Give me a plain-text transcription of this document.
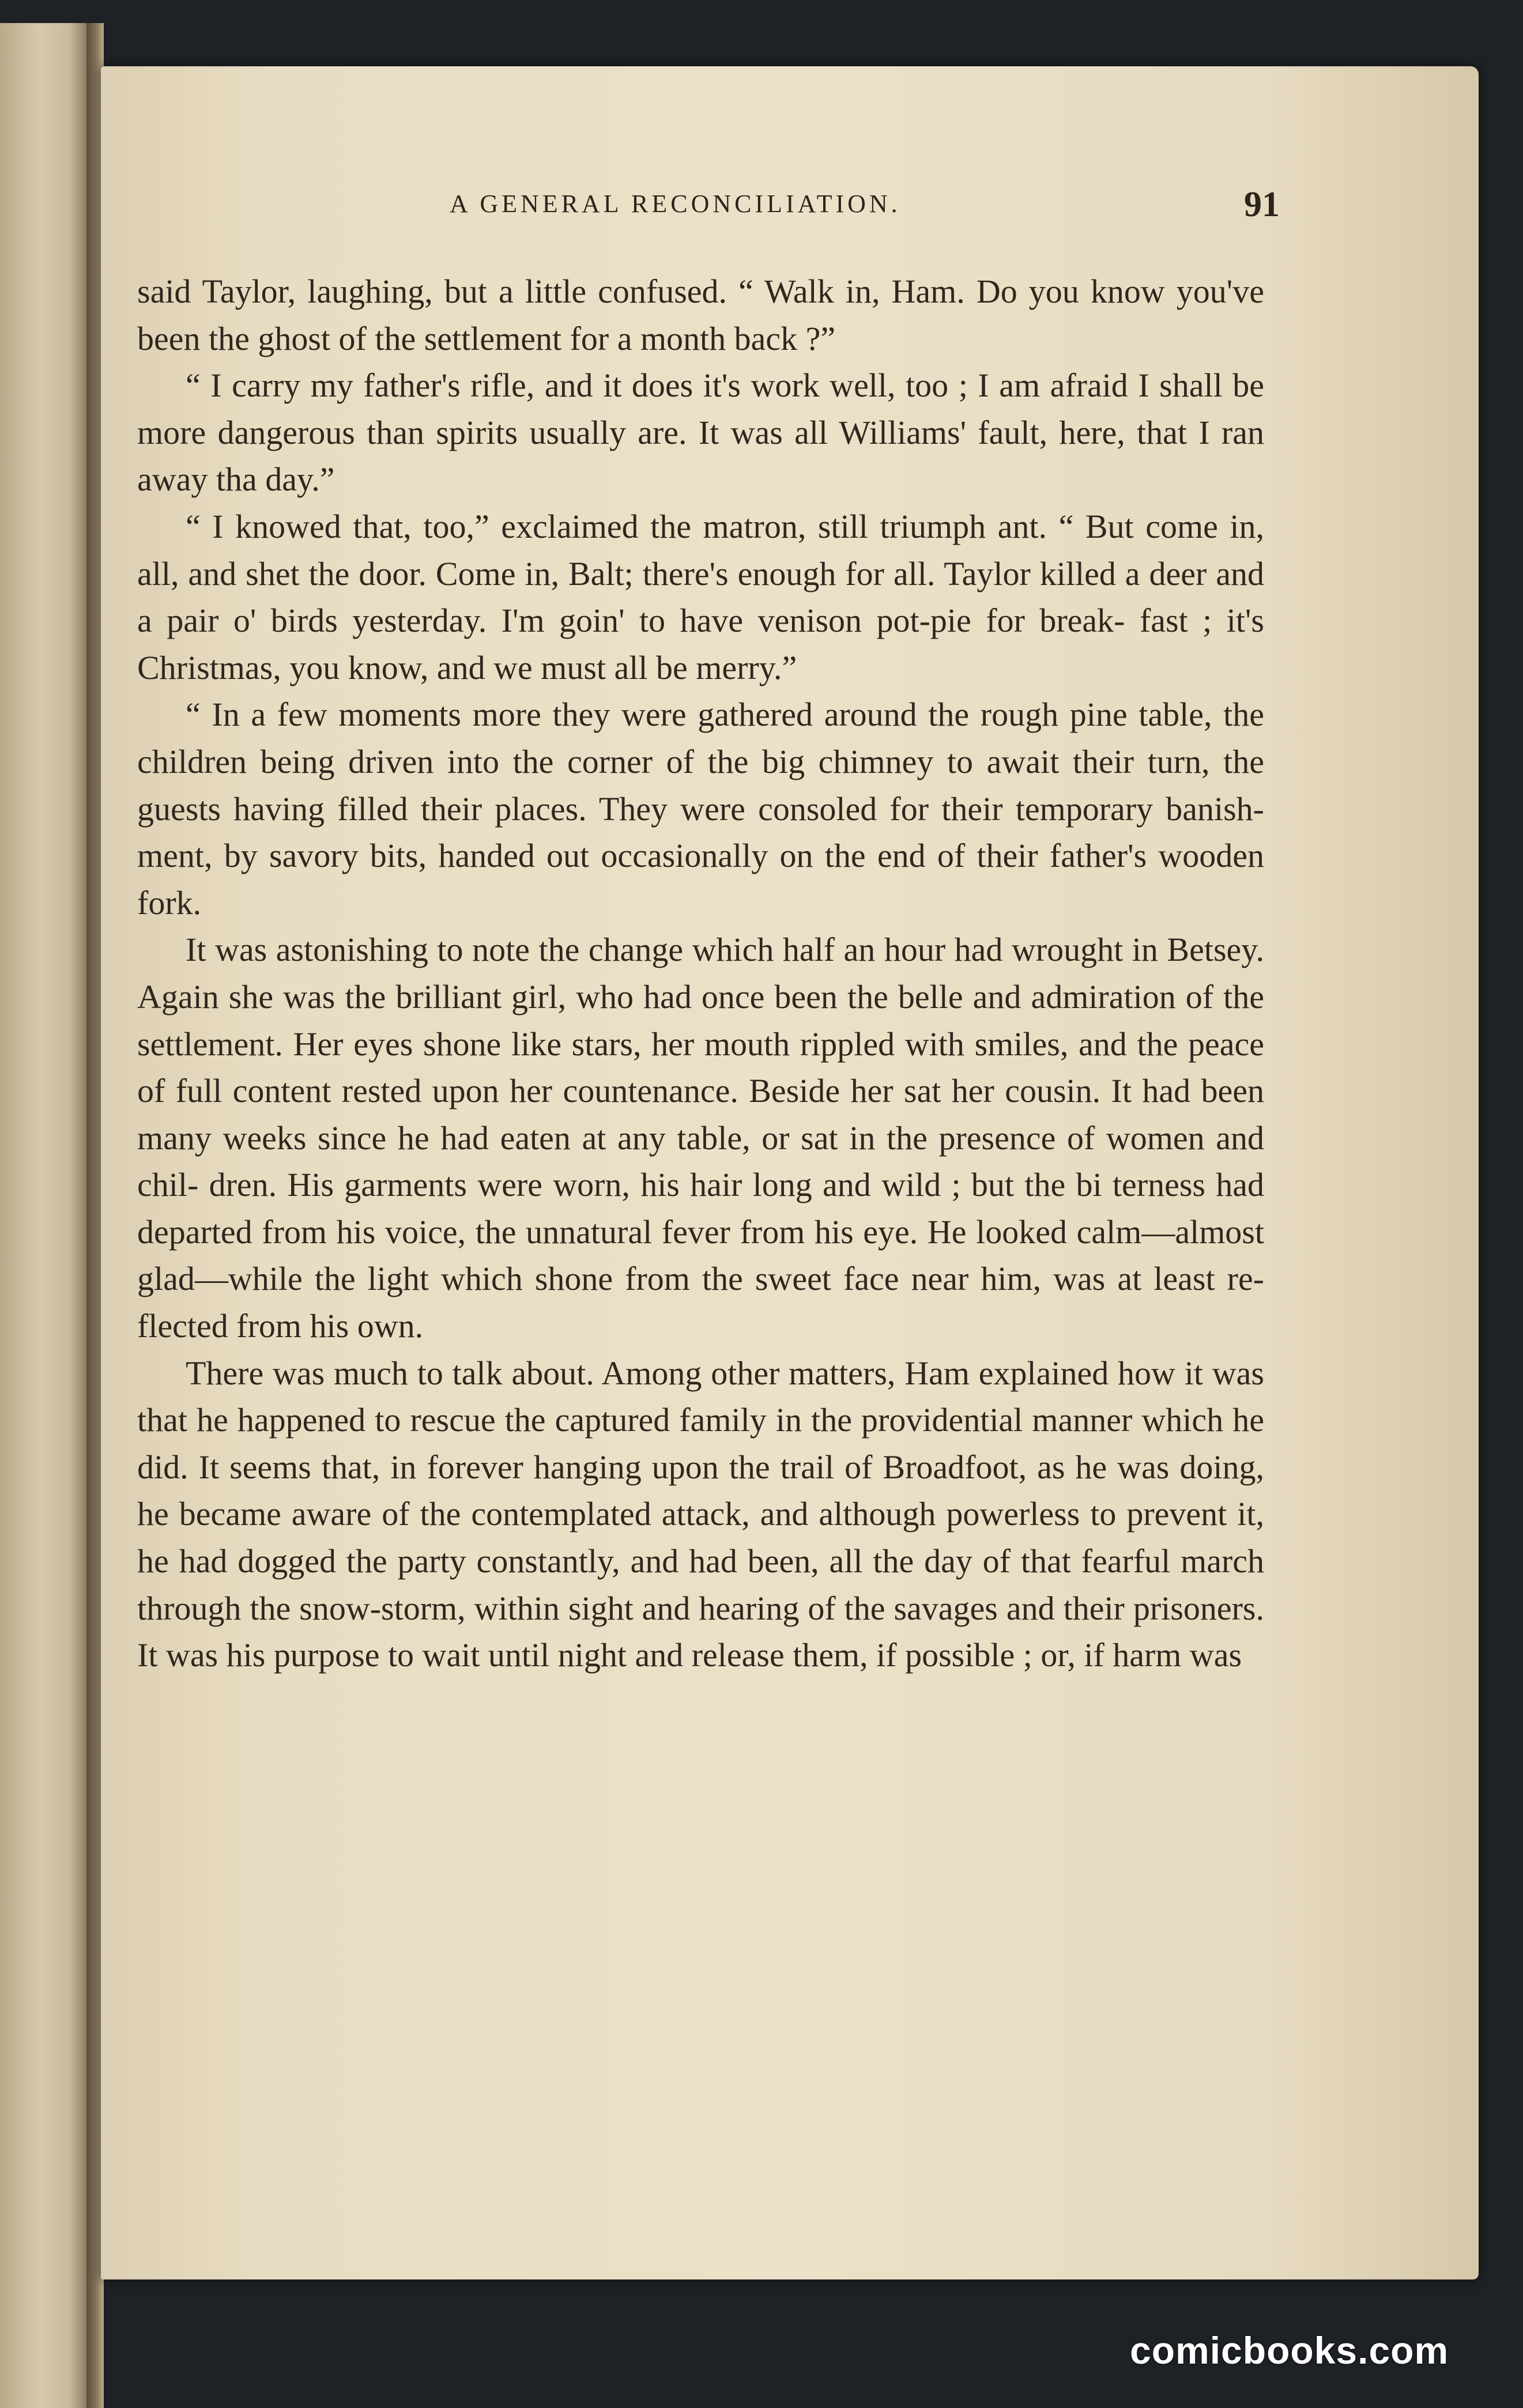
A GENERAL RECONCILIATION.	91

said Taylor, laughing, but a little confused. “ Walk in, Ham. Do you know you've been the ghost of the settlement for a month back ?”

“ I carry my father's rifle, and it does it's work well, too ; I am afraid I shall be more dangerous than spirits usually are. It was all Williams' fault, here, that I ran away tha day.”

“ I knowed that, too,” exclaimed the matron, still triumph ant. “ But come in, all, and shet the door. Come in, Balt; there's enough for all. Taylor killed a deer and a pair o' birds yesterday. I'm goin' to have venison pot-pie for break- fast ; it's Christmas, you know, and we must all be merry.”

“ In a few moments more they were gathered around the rough pine table, the children being driven into the corner of the big chimney to await their turn, the guests having filled their places. They were consoled for their temporary banish- ment, by savory bits, handed out occasionally on the end of their father's wooden fork.

It was astonishing to note the change which half an hour had wrought in Betsey. Again she was the brilliant girl, who had once been the belle and admiration of the settlement. Her eyes shone like stars, her mouth rippled with smiles, and the peace of full content rested upon her countenance. Beside her sat her cousin. It had been many weeks since he had eaten at any table, or sat in the presence of women and chil- dren. His garments were worn, his hair long and wild ; but the bi terness had departed from his voice, the unnatural fever from his eye. He looked calm—almost glad—while the light which shone from the sweet face near him, was at least re- flected from his own.

There was much to talk about. Among other matters, Ham explained how it was that he happened to rescue the captured family in the providential manner which he did. It seems that, in forever hanging upon the trail of Broadfoot, as he was doing, he became aware of the contemplated attack, and although powerless to prevent it, he had dogged the party constantly, and had been, all the day of that fearful march through the snow-storm, within sight and hearing of the savages and their prisoners. It was his purpose to wait until night and release them, if possible ; or, if harm was

comicbooks.com
